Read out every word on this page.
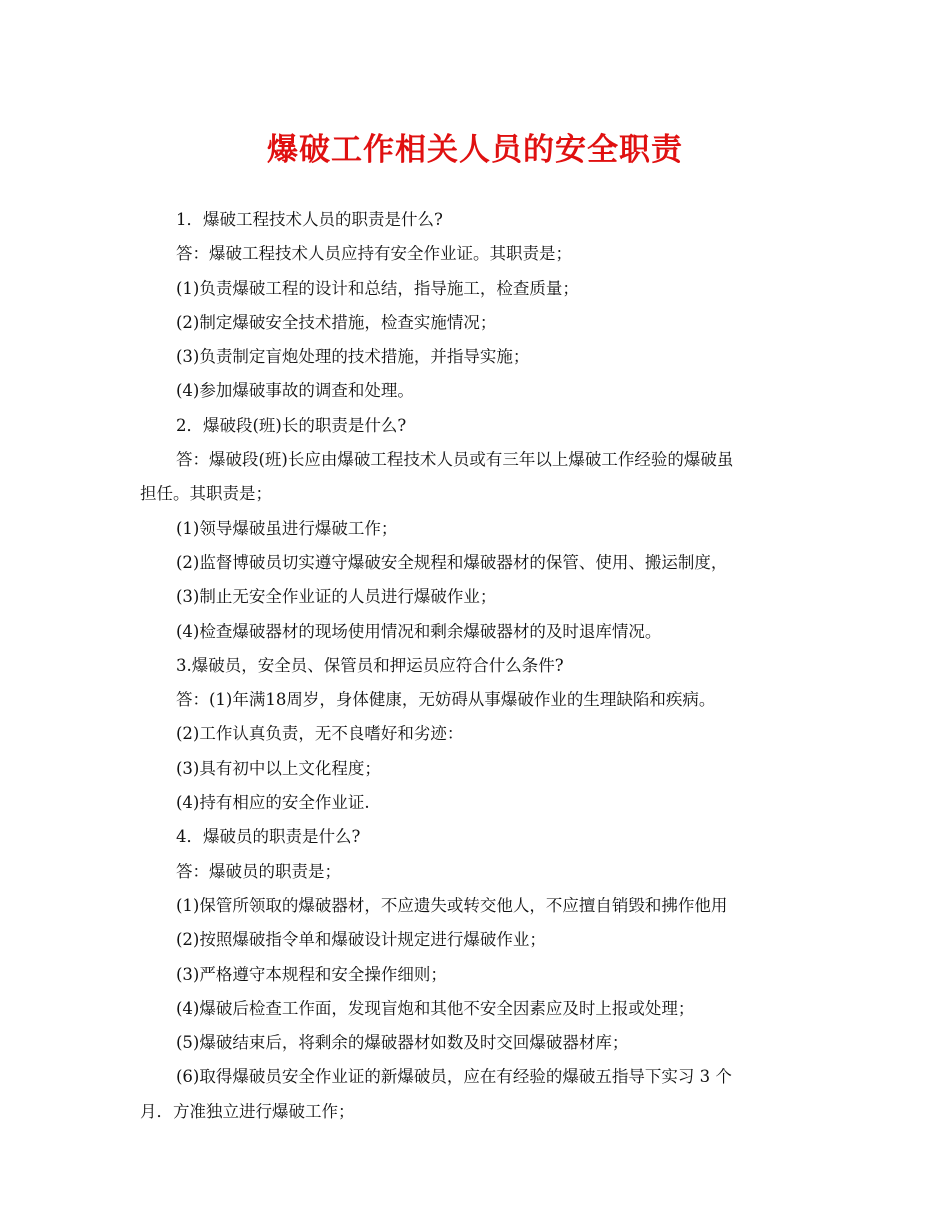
爆破工作相关人员的安全职责

1．爆破工程技术人员的职责是什么?

答：爆破工程技术人员应持有安全作业证。其职责是；

(1)负责爆破工程的设计和总结，指导施工，检查质量；

(2)制定爆破安全技术措施，检查实施情况；

(3)负责制定盲炮处理的技术措施，并指导实施；

(4)参加爆破事故的调查和处理。

2．爆破段(班)长的职责是什么?

答：爆破段(班)长应由爆破工程技术人员或有三年以上爆破工作经验的爆破虽

担任。其职责是；

(1)领导爆破虽进行爆破工作；

(2)监督博破员切实遵守爆破安全规程和爆破器材的保管、使用、搬运制度，

(3)制止无安全作业证的人员进行爆破作业；

(4)检查爆破器材的现场使用情况和剩余爆破器材的及时退库情况。

3.爆破员，安全员、保管员和押运员应符合什么条件?

答：(1)年满18周岁，身体健康，无妨碍从事爆破作业的生理缺陷和疾病。

(2)工作认真负责，无不良嗜好和劣迹：

(3)具有初中以上文化程度；

(4)持有相应的安全作业证.

4．爆破员的职责是什么?

答：爆破员的职责是；

(1)保管所领取的爆破器材，不应遗失或转交他人，不应擅自销毁和拂作他用

(2)按照爆破指令单和爆破设计规定进行爆破作业；

(3)严格遵守本规程和安全操作细则；

(4)爆破后检查工作面，发现盲炮和其他不安全因素应及时上报或处理；

(5)爆破结束后，将剩余的爆破器材如数及时交回爆破器材库；

(6)取得爆破员安全作业证的新爆破员，应在有经验的爆破五指导下实习 3 个

月．方准独立进行爆破工作；
